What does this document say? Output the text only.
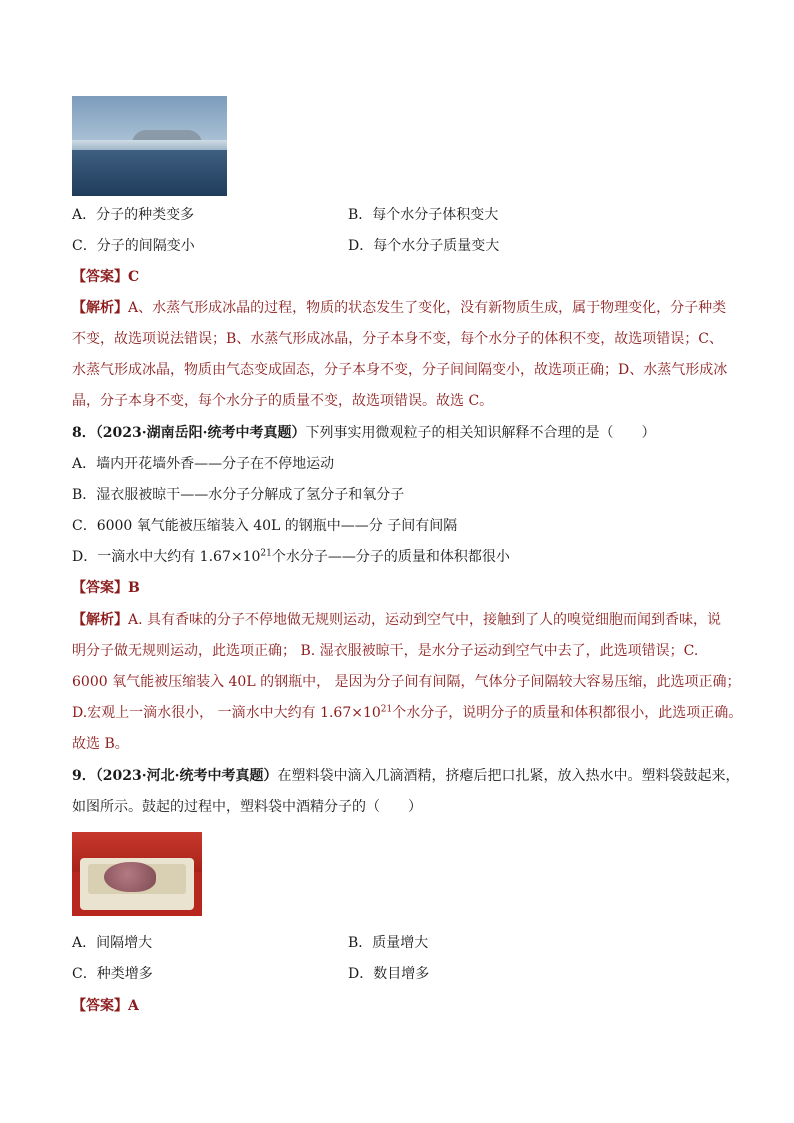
A．分子的种类变多	B．每个水分子体积变大
C．分子的间隔变小	D．每个水分子质量变大
【答案】C
【解析】A、水蒸气形成冰晶的过程，物质的状态发生了变化，没有新物质生成，属于物理变化，分子种类
不变，故选项说法错误；B、水蒸气形成冰晶，分子本身不变，每个水分子的体积不变，故选项错误；C、
水蒸气形成冰晶，物质由气态变成固态，分子本身不变，分子间间隔变小，故选项正确；D、水蒸气形成冰
晶，分子本身不变，每个水分子的质量不变，故选项错误。故选 C。
8．（2023·湖南岳阳·统考中考真题）下列事实用微观粒子的相关知识解释不合理的是（　　）
A．墙内开花墙外香——分子在不停地运动
B．湿衣服被晾干——水分子分解成了氢分子和氧分子
C．6000 氧气能被压缩装入 40L 的钢瓶中——分 子间有间隔
D．一滴水中大约有 $1.67\times 10^{21}$个水分子——分子的质量和体积都很小
【答案】B
【解析】A. 具有香味的分子不停地做无规则运动，运动到空气中，接触到了人的嗅觉细胞而闻到香味，说
明分子做无规则运动，此选项正确； B. 湿衣服被晾干，是水分子运动到空气中去了，此选项错误；C.
6000 氧气能被压缩装入 40L 的钢瓶中， 是因为分子间有间隔，气体分子间隔较大容易压缩，此选项正确；
D.宏观上一滴水很小， 一滴水中大约有 $1.67\times 10^{21}$个水分子，说明分子的质量和体积都很小，此选项正确。
故选 B。
9．（2023·河北·统考中考真题）在塑料袋中滴入几滴酒精，挤瘪后把口扎紧，放入热水中。塑料袋鼓起来，
如图所示。鼓起的过程中，塑料袋中酒精分子的（　　）
A．间隔增大	B．质量增大
C．种类增多	D．数目增多
【答案】A
